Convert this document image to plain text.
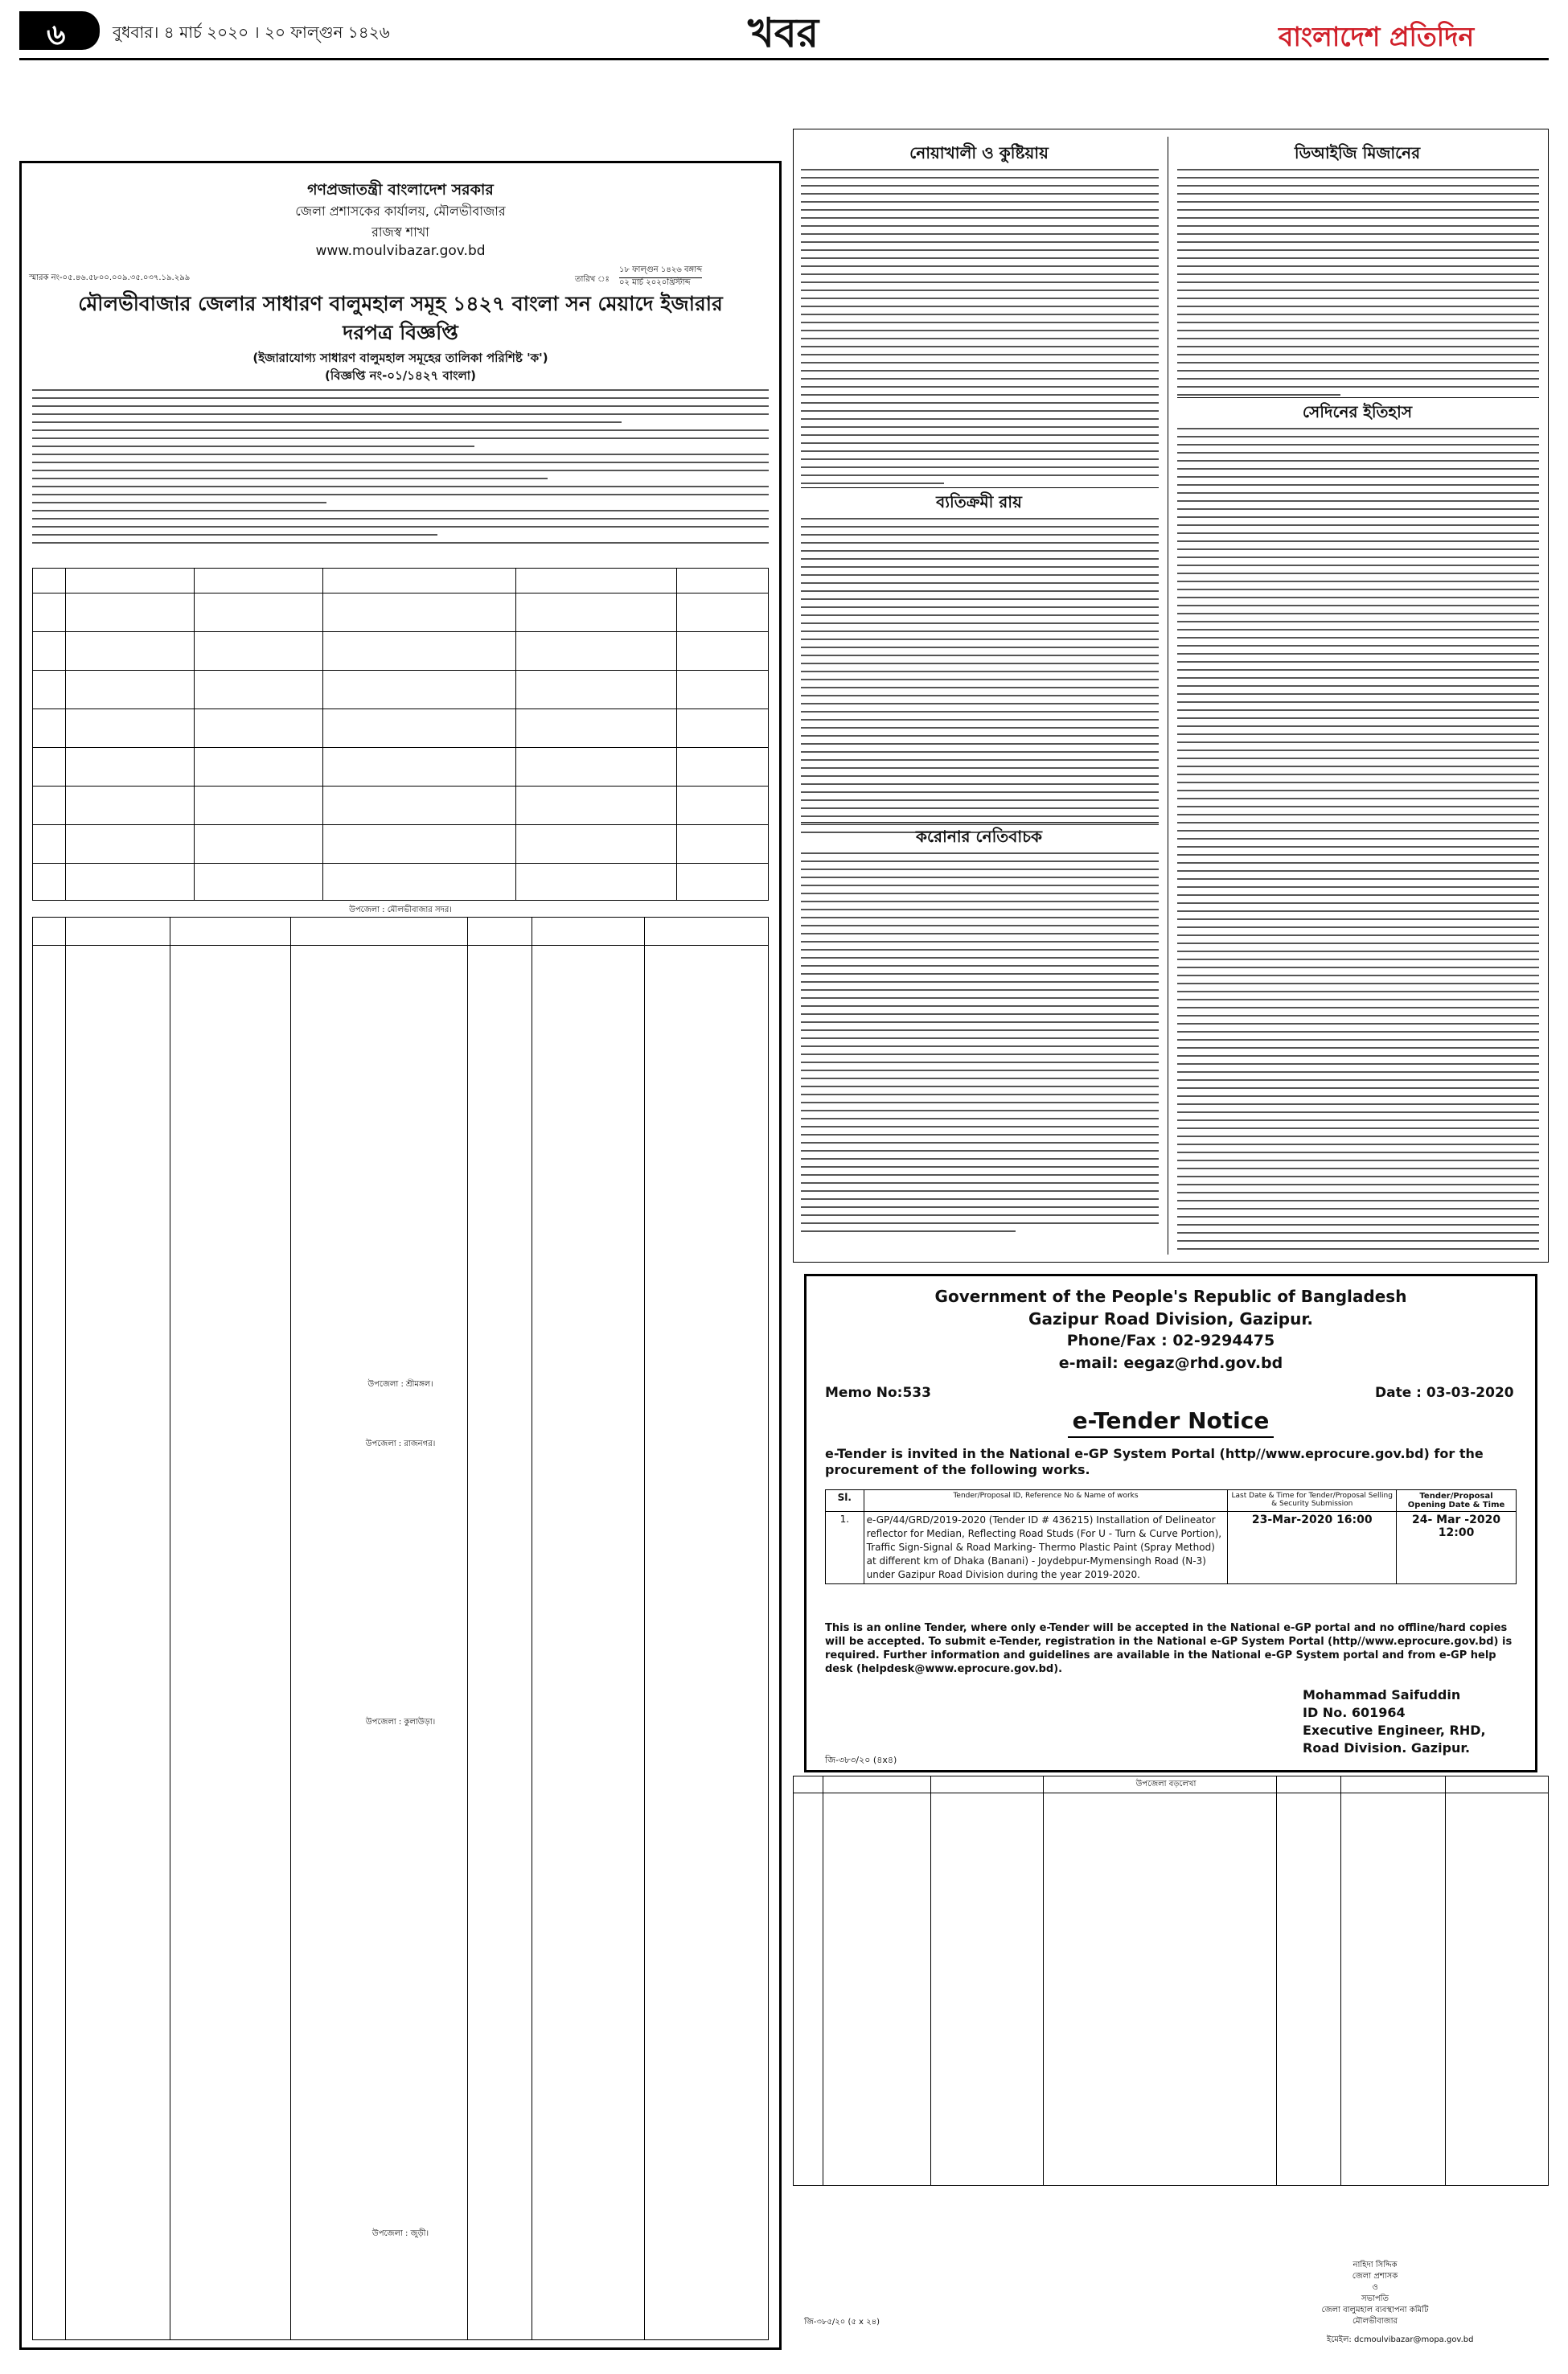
৬	বুধবার। ৪ মার্চ ২০২০ । ২০ ফাল্গুন ১৪২৬	খবর	বাংলাদেশ প্রতিদিন
গণপ্রজাতন্ত্রী বাংলাদেশ সরকার
জেলা প্রশাসকের কার্যালয়, মৌলভীবাজার
রাজস্ব শাখা
www.moulvibazar.gov.bd
স্মারক নং-০৫.৪৬.৫৮০০.০০৯.৩৫.০৩৭.১৯.২৯৯	তারিখ ঃ
১৮ ফাল্গুন ১৪২৬ বঙ্গাব্দ
০২ মার্চ ২০২০খ্রিস্টাব্দ
মৌলভীবাজার জেলার সাধারণ বালুমহাল সমূহ ১৪২৭ বাংলা সন মেয়াদে ইজারার
দরপত্র বিজ্ঞপ্তি
(ইজারাযোগ্য সাধারণ বালুমহাল সমূহের তালিকা পরিশিষ্ট 'ক')
(বিজ্ঞপ্তি নং-০১/১৪২৭ বাংলা)
উপজেলা : মৌলভীবাজার সদর।
উপজেলা : শ্রীমঙ্গল।
উপজেলা : রাজনগর।
উপজেলা : কুলাউড়া।
উপজেলা : জুড়ী।
নোয়াখালী ও কুষ্টিয়ায়
ব্যতিক্রমী রায়
করোনার নেতিবাচক
ডিআইজি মিজানের
সেদিনের ইতিহাস
Government of the People's Republic of Bangladesh
Gazipur Road Division, Gazipur.
Phone/Fax : 02-9294475
e-mail: eegaz@rhd.gov.bd
Memo No:533	Date : 03-03-2020
e-Tender Notice
e-Tender is invited in the National e-GP System Portal (http//www.eprocure.gov.bd) for the procurement of the following works.
Sl.	Tender/Proposal ID, Reference No & Name of works	Last Date & Time for Tender/Proposal Selling & Security Submission	Tender/Proposal Opening Date & Time
1.	e-GP/44/GRD/2019-2020 (Tender ID # 436215) Installation of Delineator reflector for Median, Reflecting Road Studs (For U - Turn & Curve Portion), Traffic Sign-Signal & Road Marking- Thermo Plastic Paint (Spray Method) at different km of Dhaka (Banani) - Joydebpur-Mymensingh Road (N-3) under Gazipur Road Division during the year 2019-2020.	23-Mar-2020 16:00	24- Mar -2020 12:00
This is an online Tender, where only e-Tender will be accepted in the National e-GP portal and no offline/hard copies will be accepted. To submit e-Tender, registration in the National e-GP System Portal (http//www.eprocure.gov.bd) is required. Further information and guidelines are available in the National e-GP System portal and from e-GP help desk (helpdesk@www.eprocure.gov.bd).
Mohammad Saifuddin
ID No. 601964
Executive Engineer, RHD,
Road Division. Gazipur.
জি-৩৮৩/২০ (৪x৪)
উপজেলা বড়লেখা
জি-৩৮৫/২০ (৫ x ২৪)
নাহিদা সিদ্দিক
জেলা প্রশাসক
ও
সভাপতি
জেলা বালুমহাল ব্যবস্থাপনা কমিটি
মৌলভীবাজার
ইমেইল: dcmoulvibazar@mopa.gov.bd
